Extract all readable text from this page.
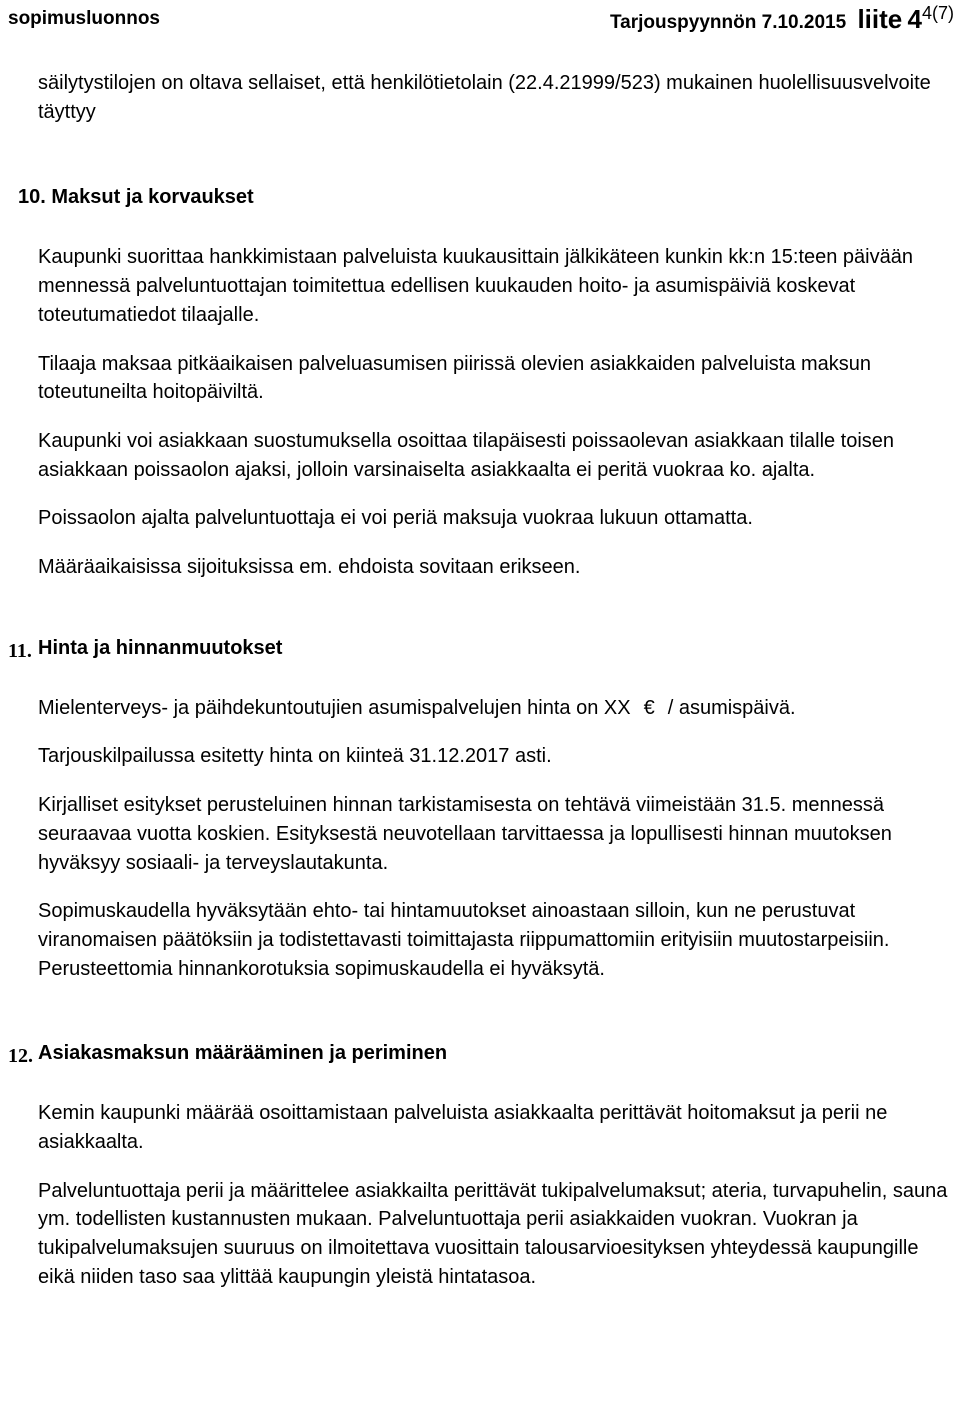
sopimusluonnos	Tarjouspyynnön 7.10.2015 liite 44(7)

säilytystilojen on oltava sellaiset, että henkilötietolain (22.4.21999/523) mukainen huolellisuusvelvoite täyttyy

10. Maksut ja korvaukset

Kaupunki suorittaa hankkimistaan palveluista kuukausittain jälkikäteen kunkin kk:n 15:teen päivään mennessä palveluntuottajan toimitettua edellisen kuukauden hoito- ja asumispäiviä koskevat toteutumatiedot tilaajalle.

Tilaaja maksaa pitkäaikaisen palveluasumisen piirissä olevien asiakkaiden palveluista maksun toteutuneilta hoitopäiviltä.

Kaupunki voi asiakkaan suostumuksella osoittaa tilapäisesti poissaolevan asiakkaan tilalle toisen asiakkaan poissaolon ajaksi, jolloin varsinaiselta asiakkaalta ei peritä vuokraa ko. ajalta.

Poissaolon ajalta palveluntuottaja ei voi periä maksuja vuokraa lukuun ottamatta.

Määräaikaisissa sijoituksissa em. ehdoista sovitaan erikseen.

11. Hinta ja hinnanmuutokset

Mielenterveys- ja päihdekuntoutujien asumispalvelujen hinta on XX € / asumispäivä.

Tarjouskilpailussa esitetty hinta on kiinteä 31.12.2017 asti.

Kirjalliset esitykset perusteluinen hinnan tarkistamisesta on tehtävä viimeistään 31.5. mennessä seuraavaa vuotta koskien. Esityksestä neuvotellaan tarvittaessa ja lopullisesti hinnan muutoksen hyväksyy sosiaali- ja terveyslautakunta.

Sopimuskaudella hyväksytään ehto- tai hintamuutokset ainoastaan silloin, kun ne perustuvat viranomaisen päätöksiin ja todistettavasti toimittajasta riippumattomiin erityisiin muutostarpeisiin. Perusteettomia hinnankorotuksia sopimuskaudella ei hyväksytä.

12. Asiakasmaksun määrääminen ja periminen

Kemin kaupunki määrää osoittamistaan palveluista asiakkaalta perittävät hoitomaksut ja perii ne asiakkaalta.

Palveluntuottaja perii ja määrittelee asiakkailta perittävät tukipalvelumaksut; ateria, turvapuhelin, sauna ym. todellisten kustannusten mukaan. Palveluntuottaja perii asiakkaiden vuokran. Vuokran ja tukipalvelumaksujen suuruus on ilmoitettava vuosittain talousarvioesityksen yhteydessä kaupungille eikä niiden taso saa ylittää kaupungin yleistä hintatasoa.
